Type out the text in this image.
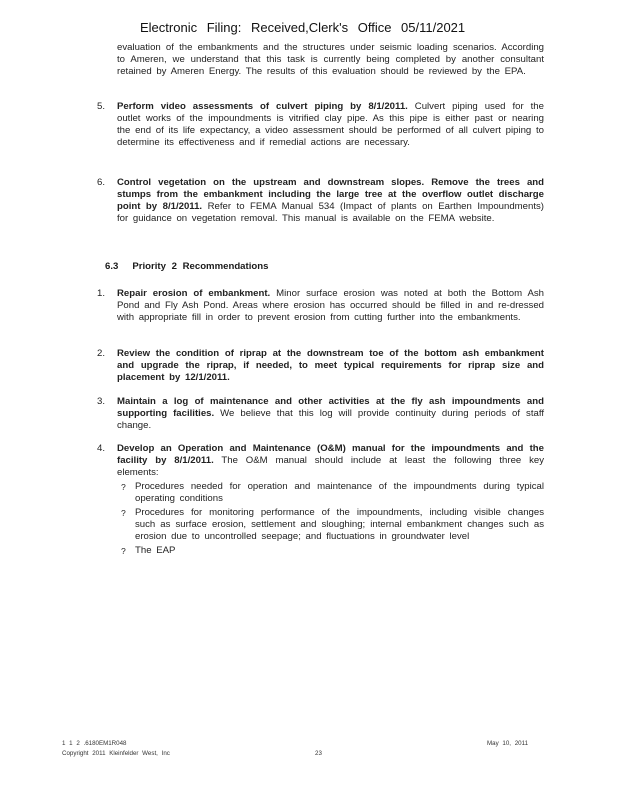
Electronic Filing: Received,Clerk's Office 05/11/2021
evaluation of the embankments and the structures under seismic loading scenarios. According to Ameren, we understand that this task is currently being completed by another consultant retained by Ameren Energy. The results of this evaluation should be reviewed by the EPA.
5.	Perform video assessments of culvert piping by 8/1/2011. Culvert piping used for the outlet works of the impoundments is vitrified clay pipe. As this pipe is either past or nearing the end of its life expectancy, a video assessment should be performed of all culvert piping to determine its effectiveness and if remedial actions are necessary.
6.	Control vegetation on the upstream and downstream slopes. Remove the trees and stumps from the embankment including the large tree at the overflow outlet discharge point by 8/1/2011. Refer to FEMA Manual 534 (Impact of plants on Earthen Impoundments) for guidance on vegetation removal. This manual is available on the FEMA website.
6.3 Priority 2 Recommendations
1.	Repair erosion of embankment. Minor surface erosion was noted at both the Bottom Ash Pond and Fly Ash Pond. Areas where erosion has occurred should be filled in and re-dressed with appropriate fill in order to prevent erosion from cutting further into the embankments.
2.	Review the condition of riprap at the downstream toe of the bottom ash embankment and upgrade the riprap, if needed, to meet typical requirements for riprap size and placement by 12/1/2011.
3.	Maintain a log of maintenance and other activities at the fly ash impoundments and supporting facilities. We believe that this log will provide continuity during periods of staff change.
4.	Develop an Operation and Maintenance (O&M) manual for the impoundments and the facility by 8/1/2011. The O&M manual should include at least the following three key elements:
? Procedures needed for operation and maintenance of the impoundments during typical operating conditions
? Procedures for monitoring performance of the impoundments, including visible changes such as surface erosion, settlement and sloughing; internal embankment changes such as erosion due to uncontrolled seepage; and fluctuations in groundwater level
? The EAP
1 1 2 .6180EM1R048
Copyright 2011 Kleinfelder West, Inc	23
May 10, 2011
